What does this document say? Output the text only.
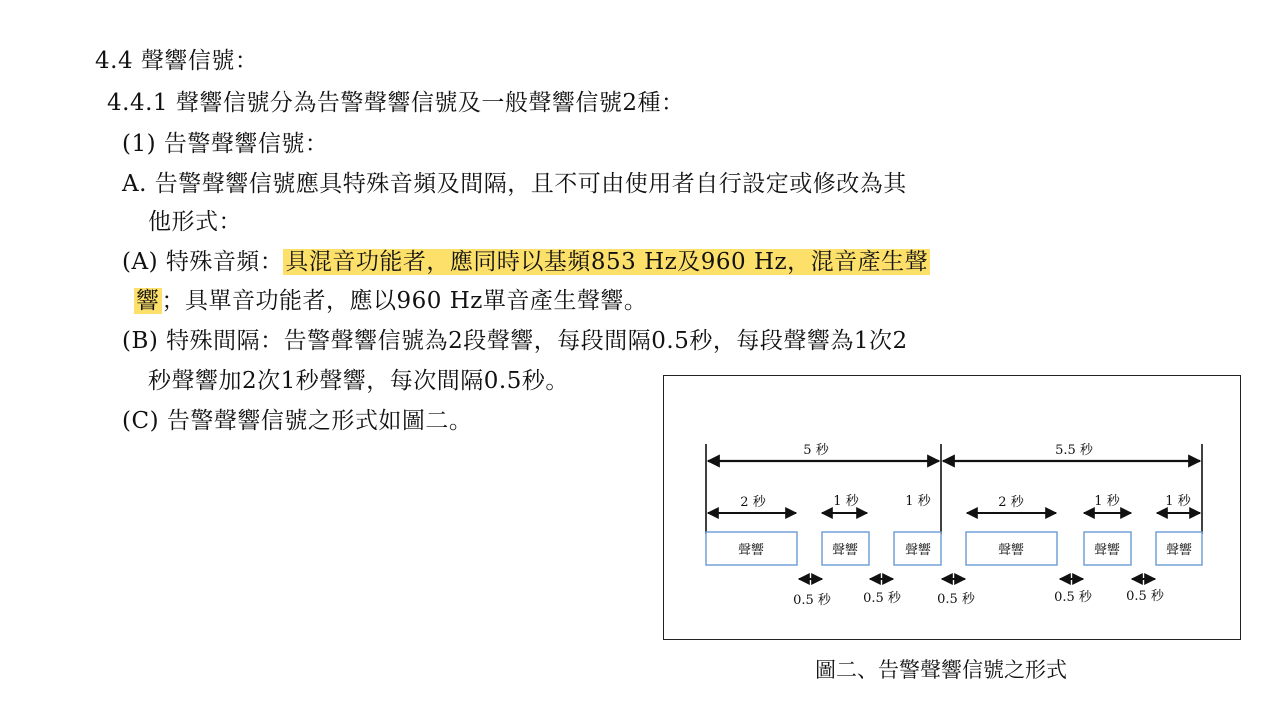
4.4 聲響信號：
4.4.1 聲響信號分為告警聲響信號及一般聲響信號2種：
(1) 告警聲響信號：
A. 告警聲響信號應具特殊音頻及間隔，且不可由使用者自行設定或修改為其
他形式：
(A) 特殊音頻：具混音功能者，應同時以基頻853 Hz及960 Hz，混音產生聲
響；具單音功能者，應以960 Hz單音產生聲響。
(B) 特殊間隔：告警聲響信號為2段聲響，每段間隔0.5秒，每段聲響為1次2
秒聲響加2次1秒聲響，每次間隔0.5秒。
(C) 告警聲響信號之形式如圖二。
5 秒	5.5 秒
2 秒	1 秒	1 秒	2 秒	1 秒	1 秒
聲響	聲響	聲響	聲響	聲響	聲響
0.5 秒 0.5 秒	0.5 秒	0.5 秒	0.5 秒
圖二、告警聲響信號之形式
